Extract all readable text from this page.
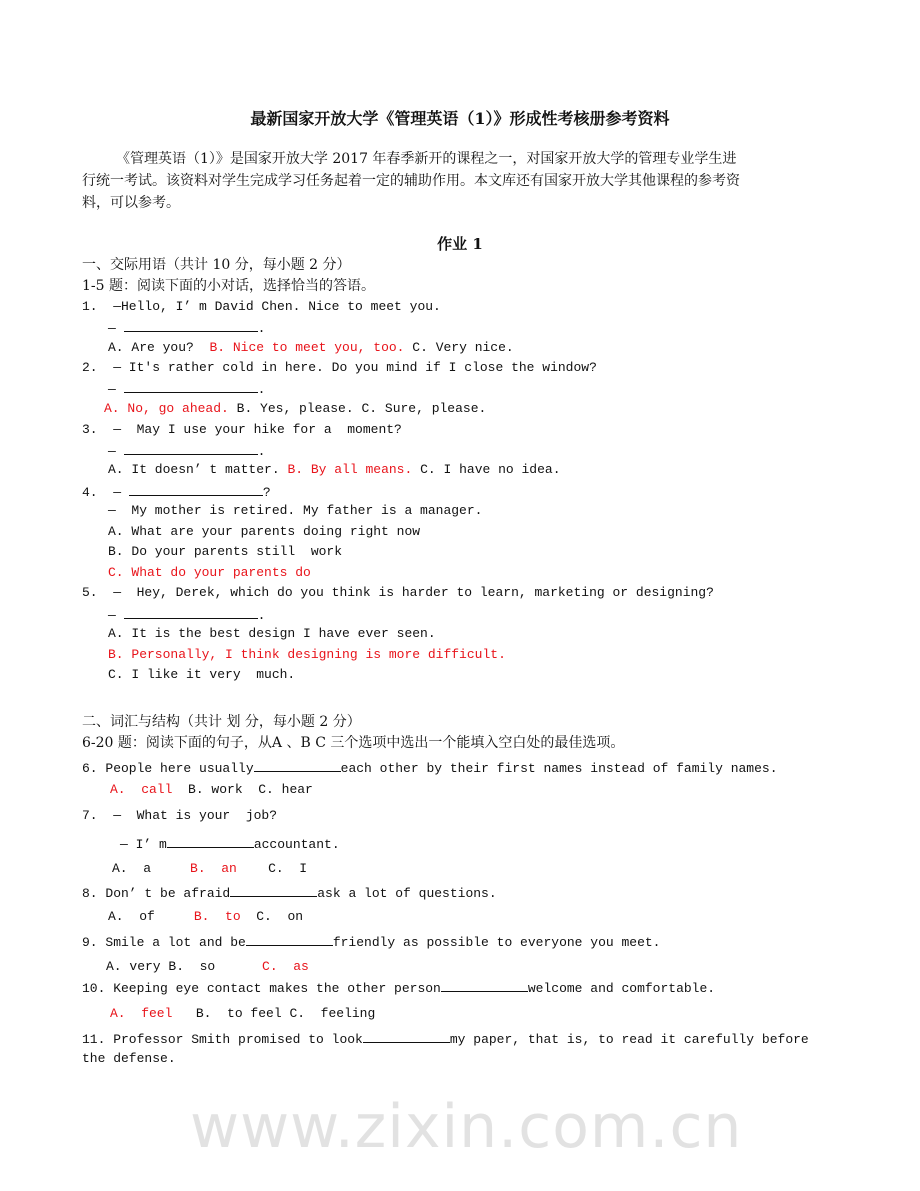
最新国家开放大学《管理英语（1）》形成性考核册参考资料
《管理英语（1）》是国家开放大学 2017 年春季新开的课程之一，对国家开放大学的管理专业学生进
行统一考试。该资料对学生完成学习任务起着一定的辅助作用。本文库还有国家开放大学其他课程的参考资
料，可以参考。
作业 1
一、交际用语（共计 10 分，每小题 2 分）
1-5 题：阅读下面的小对话，选择恰当的答语。
1.  —Hello, I’ m David Chen. Nice to meet you.
—	.
A. Are you? B. Nice to meet you, too. C. Very nice.
2.  — It's rather cold in here. Do you mind if I close the window?
—	.
A. No, go ahead. B. Yes, please. C. Sure, please.
3.  —  May I use your hike for a  moment?
—	.
A. It doesn’ t matter. B. By all means. C. I have no idea.
4.  —	?
—  My mother is retired. My father is a manager.
A. What are your parents doing right now
B. Do your parents still  work
C. What do your parents do
5.  —  Hey, Derek, which do you think is harder to learn, marketing or designing?
—	.
A. It is the best design I have ever seen.
B. Personally, I think designing is more difficult.
C. I like it very  much.
二、词汇与结构（共计 划 分，每小题 2 分）
6-20 题：阅读下面的句子，从A 、B C 三个选项中选出一个能填入空白处的最佳选项。
6. People here usually	each other by their first names instead of family names.
A.  call B. work C. hear
7.  —  What is your  job?
— I’ m	accountant.
A.  a	B.  an C.  I
8. Don’ t be afraid	ask a lot of questions.
A.  of	B.  to C.  on
9. Smile a lot and be	friendly as possible to everyone you meet.
A. very B.  so	C.  as
10. Keeping eye contact makes the other person	welcome and comfortable.
A.  feel B.  to feel C.  feeling
11. Professor Smith promised to look	my paper, that is, to read it carefully before
the defense.
www.zixin.com.cn
